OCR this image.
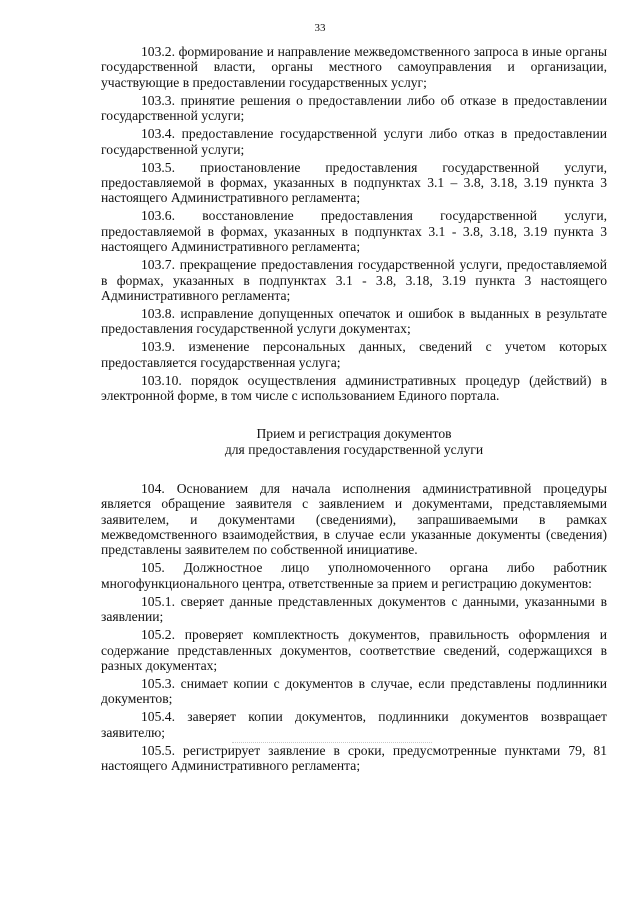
33

103.2. формирование и направление межведомственного запроса в иные органы государственной власти, органы местного самоуправления и организации, участвующие в предоставлении государственных услуг;

103.3. принятие решения о предоставлении либо об отказе в предоставлении государственной услуги;

103.4. предоставление государственной услуги либо отказ в предоставлении государственной услуги;

103.5. приостановление предоставления государственной услуги, предоставляемой в формах, указанных в подпунктах 3.1 – 3.8, 3.18, 3.19 пункта 3 настоящего Административного регламента;

103.6. восстановление предоставления государственной услуги, предоставляемой в формах, указанных в подпунктах 3.1 - 3.8, 3.18, 3.19 пункта 3 настоящего Административного регламента;

103.7. прекращение предоставления государственной услуги, предоставляемой в формах, указанных в подпунктах 3.1 - 3.8, 3.18, 3.19 пункта 3 настоящего Административного регламента;

103.8. исправление допущенных опечаток и ошибок в выданных в результате предоставления государственной услуги документах;

103.9. изменение персональных данных, сведений с учетом которых предоставляется государственная услуга;

103.10. порядок осуществления административных процедур (действий) в электронной форме, в том числе с использованием Единого портала.

Прием и регистрация документов
для предоставления государственной услуги

104. Основанием для начала исполнения административной процедуры является обращение заявителя с заявлением и документами, представляемыми заявителем, и документами (сведениями), запрашиваемыми в рамках межведомственного взаимодействия, в случае если указанные документы (сведения) представлены заявителем по собственной инициативе.

105. Должностное лицо уполномоченного органа либо работник многофункционального центра, ответственные за прием и регистрацию документов:

105.1. сверяет данные представленных документов с данными, указанными в заявлении;

105.2. проверяет комплектность документов, правильность оформления и содержание представленных документов, соответствие сведений, содержащихся в разных документах;

105.3. снимает копии с документов в случае, если представлены подлинники документов;

105.4. заверяет копии документов, подлинники документов возвращает заявителю;

105.5. регистрирует заявление в сроки, предусмотренные пунктами 79, 81 настоящего Административного регламента;
